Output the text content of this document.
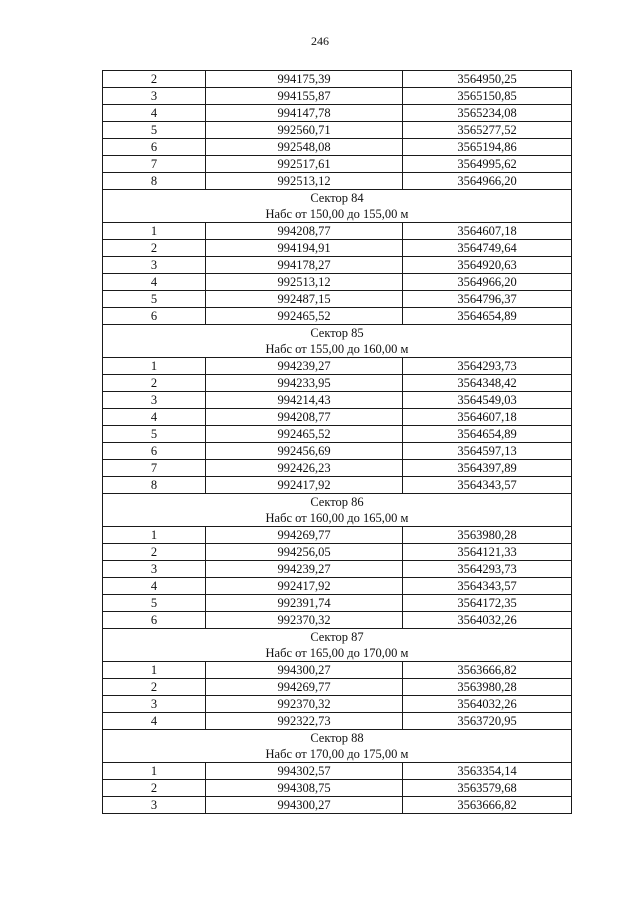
246
2	994175,39	3564950,25
3	994155,87	3565150,85
4	994147,78	3565234,08
5	992560,71	3565277,52
6	992548,08	3565194,86
7	992517,61	3564995,62
8	992513,12	3564966,20

Сектор 84
Набс от 150,00 до 155,00 м		

1	994208,77	3564607,18
2	994194,91	3564749,64
3	994178,27	3564920,63
4	992513,12	3564966,20
5	992487,15	3564796,37
6	992465,52	3564654,89

Сектор 85
Набс от 155,00 до 160,00 м		

1	994239,27	3564293,73
2	994233,95	3564348,42
3	994214,43	3564549,03
4	994208,77	3564607,18
5	992465,52	3564654,89
6	992456,69	3564597,13
7	992426,23	3564397,89
8	992417,92	3564343,57

Сектор 86
Набс от 160,00 до 165,00 м		

1	994269,77	3563980,28
2	994256,05	3564121,33
3	994239,27	3564293,73
4	992417,92	3564343,57
5	992391,74	3564172,35
6	992370,32	3564032,26

Сектор 87
Набс от 165,00 до 170,00 м		

1	994300,27	3563666,82
2	994269,77	3563980,28
3	992370,32	3564032,26
4	992322,73	3563720,95

Сектор 88
Набс от 170,00 до 175,00 м		

1	994302,57	3563354,14
2	994308,75	3563579,68
3	994300,27	3563666,82
